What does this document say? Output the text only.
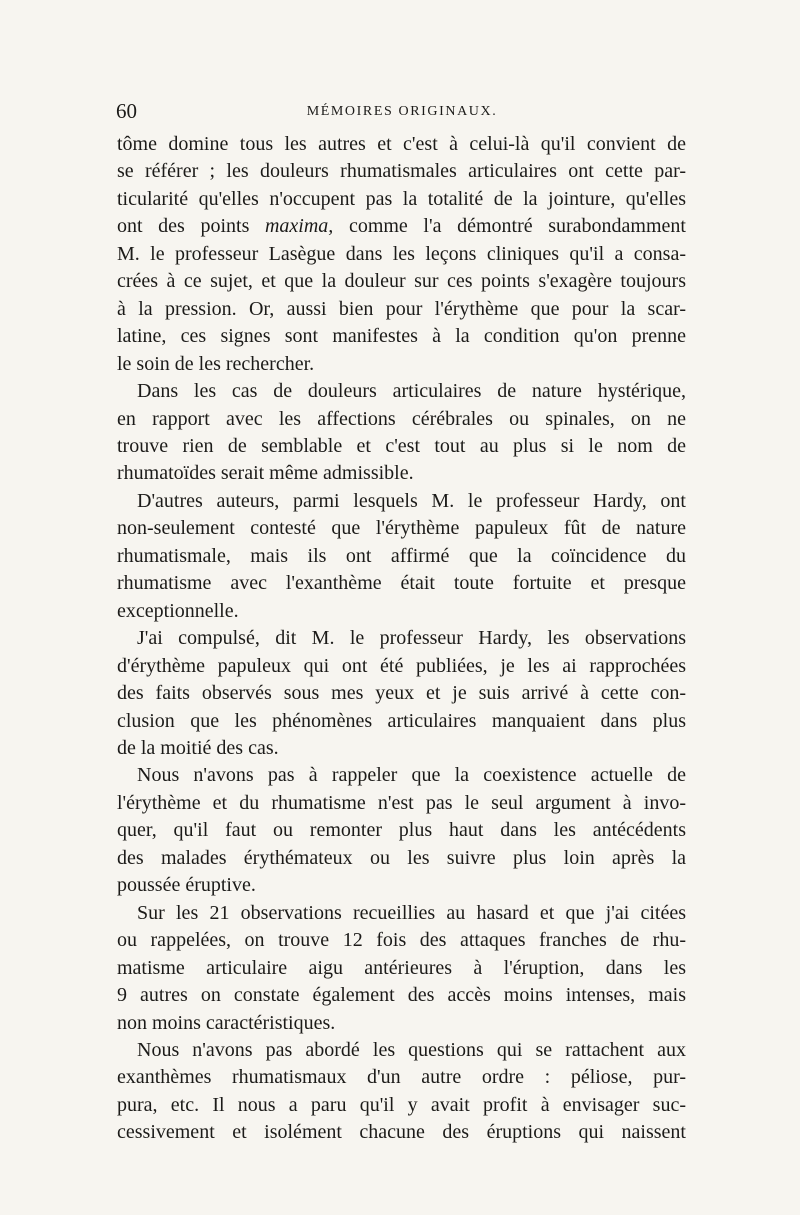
60	MÉMOIRES ORIGINAUX.
tôme domine tous les autres et c'est à celui-là qu'il convient de
se référer ; les douleurs rhumatismales articulaires ont cette par-
ticularité qu'elles n'occupent pas la totalité de la jointure, qu'elles
ont des points maxima, comme l'a démontré surabondamment
M. le professeur Lasègue dans les leçons cliniques qu'il a consa-
crées à ce sujet, et que la douleur sur ces points s'exagère toujours
à la pression. Or, aussi bien pour l'érythème que pour la scar-
latine, ces signes sont manifestes à la condition qu'on prenne
le soin de les rechercher.
Dans les cas de douleurs articulaires de nature hystérique,
en rapport avec les affections cérébrales ou spinales, on ne
trouve rien de semblable et c'est tout au plus si le nom de
rhumatoïdes serait même admissible.
D'autres auteurs, parmi lesquels M. le professeur Hardy, ont
non-seulement contesté que l'érythème papuleux fût de nature
rhumatismale, mais ils ont affirmé que la coïncidence du
rhumatisme avec l'exanthème était toute fortuite et presque
exceptionnelle.
J'ai compulsé, dit M. le professeur Hardy, les observations
d'érythème papuleux qui ont été publiées, je les ai rapprochées
des faits observés sous mes yeux et je suis arrivé à cette con-
clusion que les phénomènes articulaires manquaient dans plus
de la moitié des cas.
Nous n'avons pas à rappeler que la coexistence actuelle de
l'érythème et du rhumatisme n'est pas le seul argument à invo-
quer, qu'il faut ou remonter plus haut dans les antécédents
des malades érythémateux ou les suivre plus loin après la
poussée éruptive.
Sur les 21 observations recueillies au hasard et que j'ai citées
ou rappelées, on trouve 12 fois des attaques franches de rhu-
matisme articulaire aigu antérieures à l'éruption, dans les
9 autres on constate également des accès moins intenses, mais
non moins caractéristiques.
Nous n'avons pas abordé les questions qui se rattachent aux
exanthèmes rhumatismaux d'un autre ordre : péliose, pur-
pura, etc. Il nous a paru qu'il y avait profit à envisager suc-
cessivement et isolément chacune des éruptions qui naissent
